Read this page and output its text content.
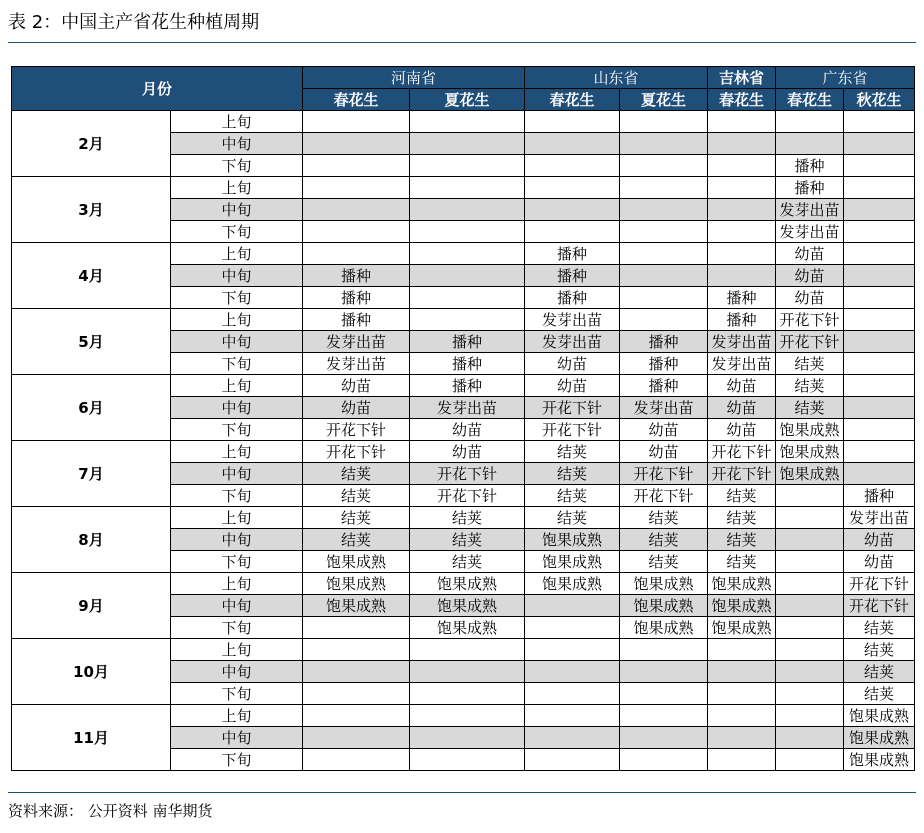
表 2：中国主产省花生种植周期
月份		河南省		山东省		吉林省	广东省	
		春花生	夏花生	春花生	夏花生	春花生	春花生	秋花生
2月	上旬							
	中旬							
	下旬						播种	
3月	上旬						播种	
	中旬						发芽出苗	
	下旬						发芽出苗	
4月	上旬			播种			幼苗	
	中旬	播种		播种			幼苗	
	下旬	播种		播种		播种	幼苗	
5月	上旬	播种		发芽出苗		播种	开花下针	
	中旬	发芽出苗	播种	发芽出苗	播种	发芽出苗	开花下针	
	下旬	发芽出苗	播种	幼苗	播种	发芽出苗	结荚	
6月	上旬	幼苗	播种	幼苗	播种	幼苗	结荚	
	中旬	幼苗	发芽出苗	开花下针	发芽出苗	幼苗	结荚	
	下旬	开花下针	幼苗	开花下针	幼苗	幼苗	饱果成熟	
7月	上旬	开花下针	幼苗	结荚	幼苗	开花下针	饱果成熟	
	中旬	结荚	开花下针	结荚	开花下针	开花下针	饱果成熟	
	下旬	结荚	开花下针	结荚	开花下针	结荚		播种
8月	上旬	结荚	结荚	结荚	结荚	结荚		发芽出苗
	中旬	结荚	结荚	饱果成熟	结荚	结荚		幼苗
	下旬	饱果成熟	结荚	饱果成熟	结荚	结荚		幼苗
9月	上旬	饱果成熟	饱果成熟	饱果成熟	饱果成熟	饱果成熟		开花下针
	中旬	饱果成熟	饱果成熟		饱果成熟	饱果成熟		开花下针
	下旬		饱果成熟		饱果成熟	饱果成熟		结荚
10月	上旬							结荚
	中旬							结荚
	下旬							结荚
11月	上旬							饱果成熟
	中旬							饱果成熟
	下旬							饱果成熟
资料来源： 公开资料 南华期货
